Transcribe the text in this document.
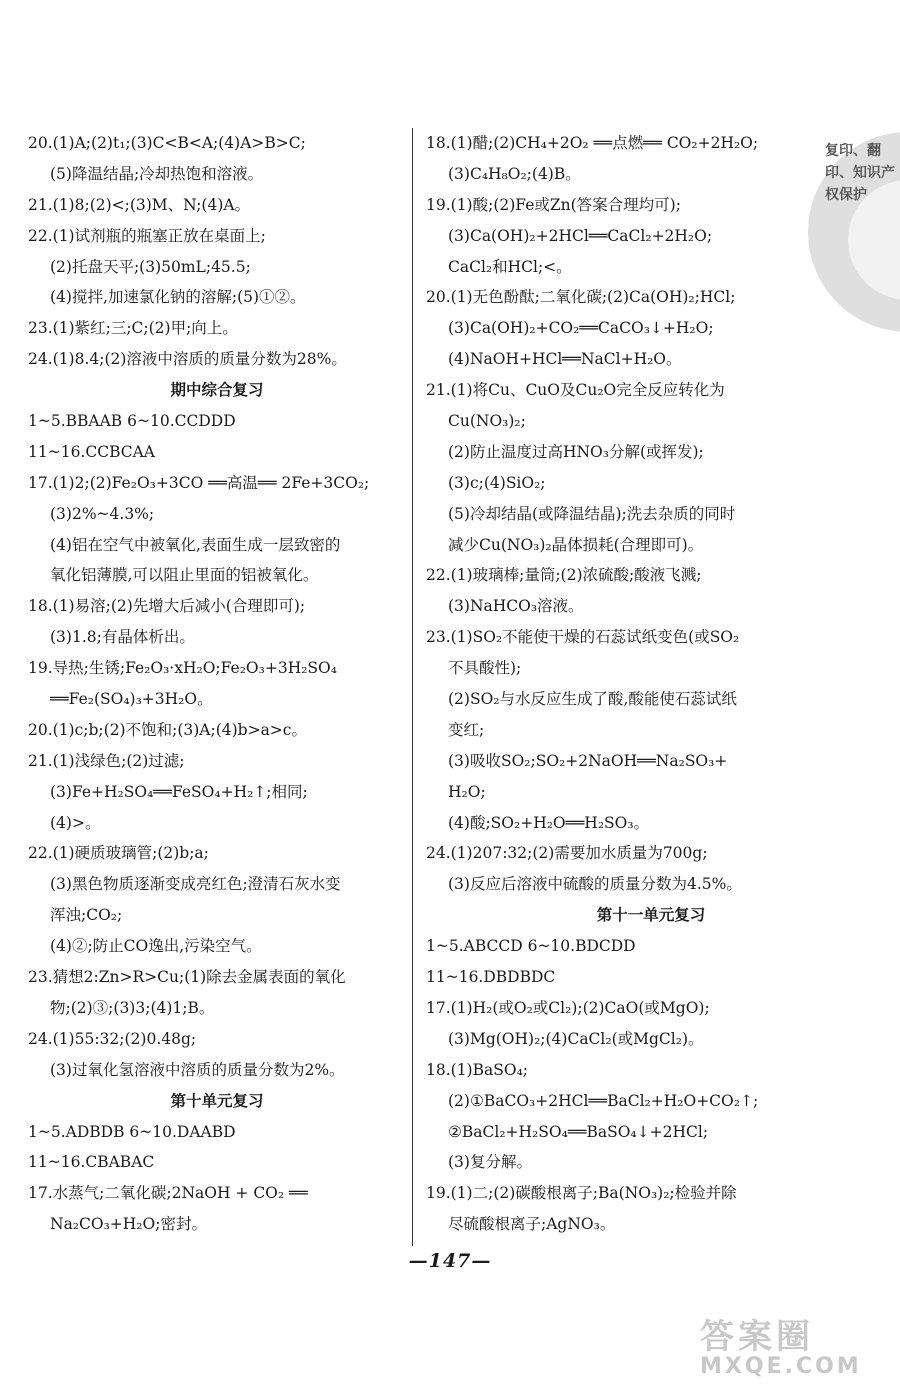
复印、翻印、知识产权保护
20.(1)A;(2)t₁;(3)C<B<A;(4)A>B>C;
(5)降温结晶;冷却热饱和溶液。
21.(1)8;(2)<;(3)M、N;(4)A。
22.(1)试剂瓶的瓶塞正放在桌面上;
(2)托盘天平;(3)50mL;45.5;
(4)搅拌,加速氯化钠的溶解;(5)①②。
23.(1)紫红;三;C;(2)甲;向上。
24.(1)8.4;(2)溶液中溶质的质量分数为28%。
期中综合复习
1~5.BBAAB 6~10.CCDDD
11~16.CCBCAA
17.(1)2;(2)Fe₂O₃+3CO ══高温══ 2Fe+3CO₂;
(3)2%~4.3%;
(4)铝在空气中被氧化,表面生成一层致密的
氧化铝薄膜,可以阻止里面的铝被氧化。
18.(1)易溶;(2)先增大后减小(合理即可);
(3)1.8;有晶体析出。
19.导热;生锈;Fe₂O₃·xH₂O;Fe₂O₃+3H₂SO₄
══Fe₂(SO₄)₃+3H₂O。
20.(1)c;b;(2)不饱和;(3)A;(4)b>a>c。
21.(1)浅绿色;(2)过滤;
(3)Fe+H₂SO₄══FeSO₄+H₂↑;相同;
(4)>。
22.(1)硬质玻璃管;(2)b;a;
(3)黑色物质逐渐变成亮红色;澄清石灰水变
浑浊;CO₂;
(4)②;防止CO逸出,污染空气。
23.猜想2:Zn>R>Cu;(1)除去金属表面的氧化
物;(2)③;(3)3;(4)1;B。
24.(1)55:32;(2)0.48g;
(3)过氧化氢溶液中溶质的质量分数为2%。
第十单元复习
1~5.ADBDB 6~10.DAABD
11~16.CBABAC
17.水蒸气;二氧化碳;2NaOH + CO₂ ══
Na₂CO₃+H₂O;密封。
18.(1)醋;(2)CH₄+2O₂ ══点燃══ CO₂+2H₂O;
(3)C₄H₈O₂;(4)B。
19.(1)酸;(2)Fe或Zn(答案合理均可);
(3)Ca(OH)₂+2HCl══CaCl₂+2H₂O;
CaCl₂和HCl;<。
20.(1)无色酚酞;二氧化碳;(2)Ca(OH)₂;HCl;
(3)Ca(OH)₂+CO₂══CaCO₃↓+H₂O;
(4)NaOH+HCl══NaCl+H₂O。
21.(1)将Cu、CuO及Cu₂O完全反应转化为
Cu(NO₃)₂;
(2)防止温度过高HNO₃分解(或挥发);
(3)c;(4)SiO₂;
(5)冷却结晶(或降温结晶);洗去杂质的同时
减少Cu(NO₃)₂晶体损耗(合理即可)。
22.(1)玻璃棒;量筒;(2)浓硫酸;酸液飞溅;
(3)NaHCO₃溶液。
23.(1)SO₂不能使干燥的石蕊试纸变色(或SO₂
不具酸性);
(2)SO₂与水反应生成了酸,酸能使石蕊试纸
变红;
(3)吸收SO₂;SO₂+2NaOH══Na₂SO₃+
H₂O;
(4)酸;SO₂+H₂O══H₂SO₃。
24.(1)207:32;(2)需要加水质量为700g;
(3)反应后溶液中硫酸的质量分数为4.5%。
第十一单元复习
1~5.ABCCD 6~10.BDCDD
11~16.DBDBDC
17.(1)H₂(或O₂或Cl₂);(2)CaO(或MgO);
(3)Mg(OH)₂;(4)CaCl₂(或MgCl₂)。
18.(1)BaSO₄;
(2)①BaCO₃+2HCl══BaCl₂+H₂O+CO₂↑;
②BaCl₂+H₂SO₄══BaSO₄↓+2HCl;
(3)复分解。
19.(1)二;(2)碳酸根离子;Ba(NO₃)₂;检验并除
尽硫酸根离子;AgNO₃。
—147—
答案圈
MXQE.COM
